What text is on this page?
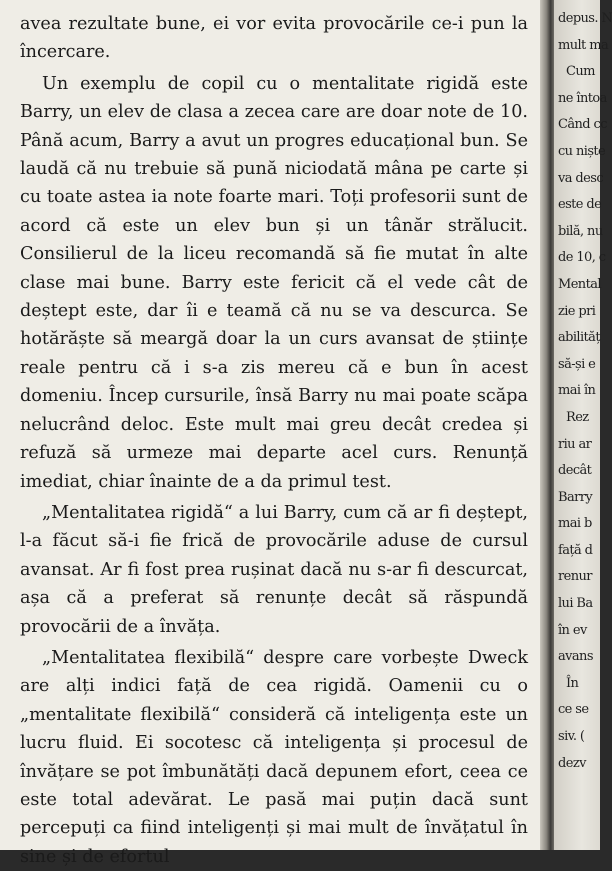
avea rezultate bune, ei vor evita provocările ce-i pun la încercare.

Un exemplu de copil cu o mentalitate rigidă este Barry, un elev de clasa a zecea care are doar note de 10. Până acum, Barry a avut un progres educațional bun. Se laudă că nu trebuie să pună niciodată mâna pe carte și cu toate astea ia note foarte mari. Toți profesorii sunt de acord că este un elev bun și un tânăr strălucit. Consilierul de la liceu recomandă să fie mutat în alte clase mai bune. Barry este fericit că el vede cât de deștept este, dar îi e teamă că nu se va descurca. Se hotărăște să meargă doar la un curs avansat de științe reale pentru că i s-a zis mereu că e bun în acest domeniu. Încep cursurile, însă Barry nu mai poate scăpa nelucrând deloc. Este mult mai greu decât credea și refuză să urmeze mai departe acel curs. Renunță imediat, chiar înainte de a da primul test.

„Mentalitatea rigidă“ a lui Barry, cum că ar fi deștept, l-a făcut să-i fie frică de provocările aduse de cursul avansat. Ar fi fost prea rușinat dacă nu s-ar fi descurcat, așa că a preferat să renunțe decât să răspundă provocării de a învăța.

„Mentalitatea flexibilă“ despre care vorbește Dweck are alți indici față de cea rigidă. Oamenii cu o „mentalitate flexibilă“ consideră că inteligența este un lucru fluid. Ei socotesc că inteligența și procesul de învățare se pot îmbunătăți dacă depunem efort, ceea ce este total adevărat. Le pasă mai puțin dacă sunt percepuți ca fiind inteligenți și mai mult de învățatul în sine și de efortul

depus. N
mult ma
Cum
ne întoa
Când cc
cu niște
va desc
este de
bilă, nu
de 10, c
Mental
zie pri
abilităț
să-și e
mai în
Rez
riu ar
decât
Barry
mai b
față d
renur
lui Ba
în ev
avans
În
ce se
siv. (
dezv
